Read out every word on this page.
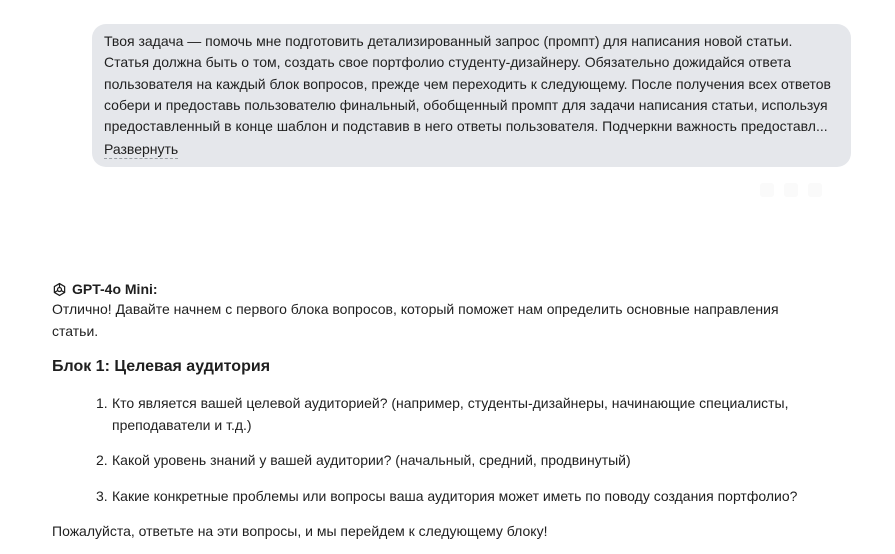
Твоя задача — помочь мне подготовить детализированный запрос (промпт) для написания новой статьи.
Статья должна быть о том, создать свое портфолио студенту-дизайнеру. Обязательно дожидайся ответа
пользователя на каждый блок вопросов, прежде чем переходить к следующему. После получения всех ответов
собери и предоставь пользователю финальный, обобщенный промпт для задачи написания статьи, используя
предоставленный в конце шаблон и подставив в него ответы пользователя. Подчеркни важность предоставл...
Развернуть
GPT-4o Mini:

Отлично! Давайте начнем с первого блока вопросов, который поможет нам определить основные направления статьи.

Блок 1: Целевая аудитория
1. Кто является вашей целевой аудиторией? (например, студенты-дизайнеры, начинающие специалисты, преподаватели и т.д.)
2. Какой уровень знаний у вашей аудитории? (начальный, средний, продвинутый)
3. Какие конкретные проблемы или вопросы ваша аудитория может иметь по поводу создания портфолио?

Пожалуйста, ответьте на эти вопросы, и мы перейдем к следующему блоку!
